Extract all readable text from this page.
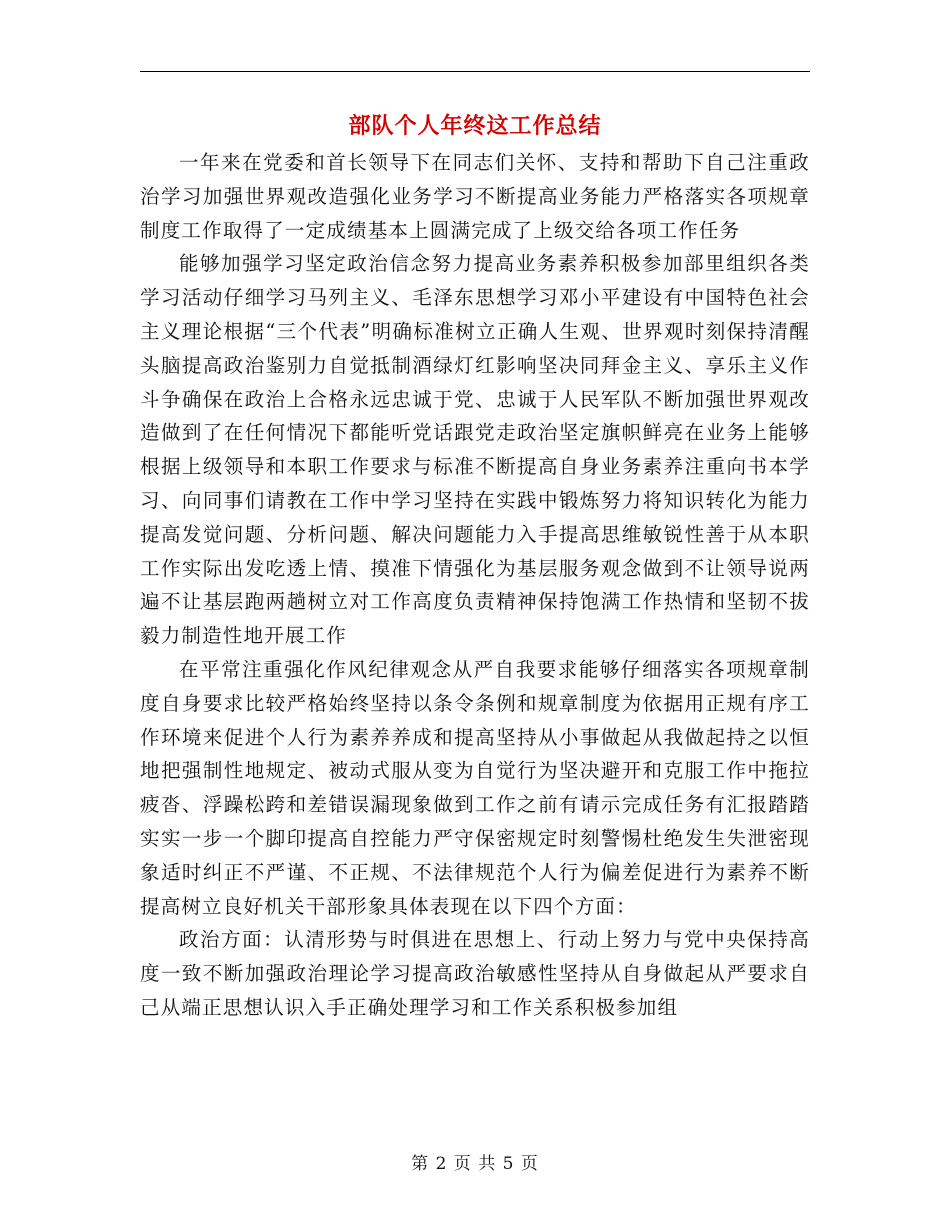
部队个人年终这工作总结

一年来在党委和首长领导下在同志们关怀、支持和帮助下自己注重政治学习加强世界观改造强化业务学习不断提高业务能力严格落实各项规章制度工作取得了一定成绩基本上圆满完成了上级交给各项工作任务

能够加强学习坚定政治信念努力提高业务素养积极参加部里组织各类学习活动仔细学习马列主义、毛泽东思想学习邓小平建设有中国特色社会主义理论根据“三个代表”明确标准树立正确人生观、世界观时刻保持清醒头脑提高政治鉴别力自觉抵制酒绿灯红影响坚决同拜金主义、享乐主义作斗争确保在政治上合格永远忠诚于党、忠诚于人民军队不断加强世界观改造做到了在任何情况下都能听党话跟党走政治坚定旗帜鲜亮在业务上能够根据上级领导和本职工作要求与标准不断提高自身业务素养注重向书本学习、向同事们请教在工作中学习坚持在实践中锻炼努力将知识转化为能力提高发觉问题、分析问题、解决问题能力入手提高思维敏锐性善于从本职工作实际出发吃透上情、摸准下情强化为基层服务观念做到不让领导说两遍不让基层跑两趟树立对工作高度负责精神保持饱满工作热情和坚韧不拔毅力制造性地开展工作

在平常注重强化作风纪律观念从严自我要求能够仔细落实各项规章制度自身要求比较严格始终坚持以条令条例和规章制度为依据用正规有序工作环境来促进个人行为素养养成和提高坚持从小事做起从我做起持之以恒地把强制性地规定、被动式服从变为自觉行为坚决避开和克服工作中拖拉疲沓、浮躁松跨和差错误漏现象做到工作之前有请示完成任务有汇报踏踏实实一步一个脚印提高自控能力严守保密规定时刻警惕杜绝发生失泄密现象适时纠正不严谨、不正规、不法律规范个人行为偏差促进行为素养不断提高树立良好机关干部形象具体表现在以下四个方面：

政治方面：认清形势与时俱进在思想上、行动上努力与党中央保持高度一致不断加强政治理论学习提高政治敏感性坚持从自身做起从严要求自己从端正思想认识入手正确处理学习和工作关系积极参加组

第 2 页 共 5 页
